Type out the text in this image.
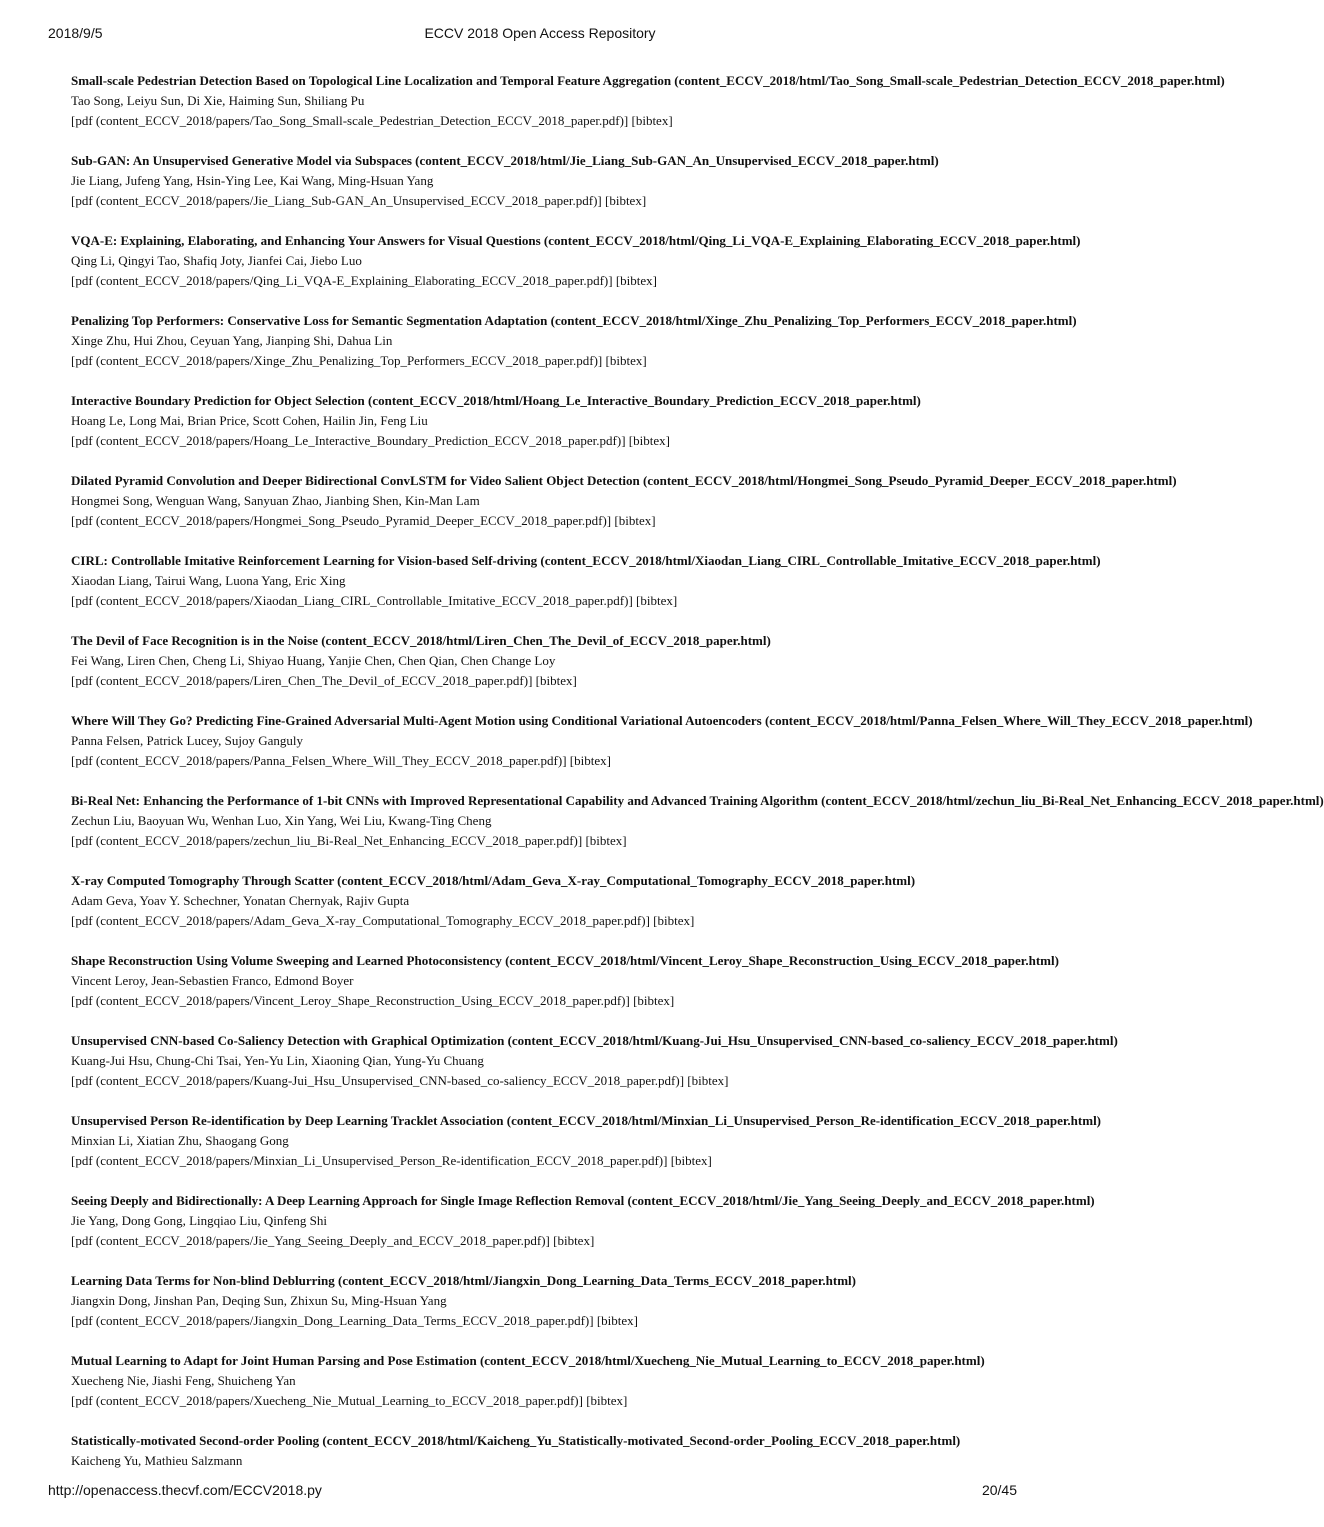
2018/9/5	ECCV 2018 Open Access Repository
Small-scale Pedestrian Detection Based on Topological Line Localization and Temporal Feature Aggregation (content_ECCV_2018/html/Tao_Song_Small-scale_Pedestrian_Detection_ECCV_2018_paper.html)
Tao Song, Leiyu Sun, Di Xie, Haiming Sun, Shiliang Pu
[pdf (content_ECCV_2018/papers/Tao_Song_Small-scale_Pedestrian_Detection_ECCV_2018_paper.pdf)] [bibtex]
Sub-GAN: An Unsupervised Generative Model via Subspaces (content_ECCV_2018/html/Jie_Liang_Sub-GAN_An_Unsupervised_ECCV_2018_paper.html)
Jie Liang, Jufeng Yang, Hsin-Ying Lee, Kai Wang, Ming-Hsuan Yang
[pdf (content_ECCV_2018/papers/Jie_Liang_Sub-GAN_An_Unsupervised_ECCV_2018_paper.pdf)] [bibtex]
VQA-E: Explaining, Elaborating, and Enhancing Your Answers for Visual Questions (content_ECCV_2018/html/Qing_Li_VQA-E_Explaining_Elaborating_ECCV_2018_paper.html)
Qing Li, Qingyi Tao, Shafiq Joty, Jianfei Cai, Jiebo Luo
[pdf (content_ECCV_2018/papers/Qing_Li_VQA-E_Explaining_Elaborating_ECCV_2018_paper.pdf)] [bibtex]
Penalizing Top Performers: Conservative Loss for Semantic Segmentation Adaptation (content_ECCV_2018/html/Xinge_Zhu_Penalizing_Top_Performers_ECCV_2018_paper.html)
Xinge Zhu, Hui Zhou, Ceyuan Yang, Jianping Shi, Dahua Lin
[pdf (content_ECCV_2018/papers/Xinge_Zhu_Penalizing_Top_Performers_ECCV_2018_paper.pdf)] [bibtex]
Interactive Boundary Prediction for Object Selection (content_ECCV_2018/html/Hoang_Le_Interactive_Boundary_Prediction_ECCV_2018_paper.html)
Hoang Le, Long Mai, Brian Price, Scott Cohen, Hailin Jin, Feng Liu
[pdf (content_ECCV_2018/papers/Hoang_Le_Interactive_Boundary_Prediction_ECCV_2018_paper.pdf)] [bibtex]
Dilated Pyramid Convolution and Deeper Bidirectional ConvLSTM for Video Salient Object Detection (content_ECCV_2018/html/Hongmei_Song_Pseudo_Pyramid_Deeper_ECCV_2018_paper.html)
Hongmei Song, Wenguan Wang, Sanyuan Zhao, Jianbing Shen, Kin-Man Lam
[pdf (content_ECCV_2018/papers/Hongmei_Song_Pseudo_Pyramid_Deeper_ECCV_2018_paper.pdf)] [bibtex]
CIRL: Controllable Imitative Reinforcement Learning for Vision-based Self-driving (content_ECCV_2018/html/Xiaodan_Liang_CIRL_Controllable_Imitative_ECCV_2018_paper.html)
Xiaodan Liang, Tairui Wang, Luona Yang, Eric Xing
[pdf (content_ECCV_2018/papers/Xiaodan_Liang_CIRL_Controllable_Imitative_ECCV_2018_paper.pdf)] [bibtex]
The Devil of Face Recognition is in the Noise (content_ECCV_2018/html/Liren_Chen_The_Devil_of_ECCV_2018_paper.html)
Fei Wang, Liren Chen, Cheng Li, Shiyao Huang, Yanjie Chen, Chen Qian, Chen Change Loy
[pdf (content_ECCV_2018/papers/Liren_Chen_The_Devil_of_ECCV_2018_paper.pdf)] [bibtex]
Where Will They Go? Predicting Fine-Grained Adversarial Multi-Agent Motion using Conditional Variational Autoencoders (content_ECCV_2018/html/Panna_Felsen_Where_Will_They_ECCV_2018_paper.html)
Panna Felsen, Patrick Lucey, Sujoy Ganguly
[pdf (content_ECCV_2018/papers/Panna_Felsen_Where_Will_They_ECCV_2018_paper.pdf)] [bibtex]
Bi-Real Net: Enhancing the Performance of 1-bit CNNs with Improved Representational Capability and Advanced Training Algorithm (content_ECCV_2018/html/zechun_liu_Bi-Real_Net_Enhancing_ECCV_2018_paper.html)
Zechun Liu, Baoyuan Wu, Wenhan Luo, Xin Yang, Wei Liu, Kwang-Ting Cheng
[pdf (content_ECCV_2018/papers/zechun_liu_Bi-Real_Net_Enhancing_ECCV_2018_paper.pdf)] [bibtex]
X-ray Computed Tomography Through Scatter (content_ECCV_2018/html/Adam_Geva_X-ray_Computational_Tomography_ECCV_2018_paper.html)
Adam Geva, Yoav Y. Schechner, Yonatan Chernyak, Rajiv Gupta
[pdf (content_ECCV_2018/papers/Adam_Geva_X-ray_Computational_Tomography_ECCV_2018_paper.pdf)] [bibtex]
Shape Reconstruction Using Volume Sweeping and Learned Photoconsistency (content_ECCV_2018/html/Vincent_Leroy_Shape_Reconstruction_Using_ECCV_2018_paper.html)
Vincent Leroy, Jean-Sebastien Franco, Edmond Boyer
[pdf (content_ECCV_2018/papers/Vincent_Leroy_Shape_Reconstruction_Using_ECCV_2018_paper.pdf)] [bibtex]
Unsupervised CNN-based Co-Saliency Detection with Graphical Optimization (content_ECCV_2018/html/Kuang-Jui_Hsu_Unsupervised_CNN-based_co-saliency_ECCV_2018_paper.html)
Kuang-Jui Hsu, Chung-Chi Tsai, Yen-Yu Lin, Xiaoning Qian, Yung-Yu Chuang
[pdf (content_ECCV_2018/papers/Kuang-Jui_Hsu_Unsupervised_CNN-based_co-saliency_ECCV_2018_paper.pdf)] [bibtex]
Unsupervised Person Re-identification by Deep Learning Tracklet Association (content_ECCV_2018/html/Minxian_Li_Unsupervised_Person_Re-identification_ECCV_2018_paper.html)
Minxian Li, Xiatian Zhu, Shaogang Gong
[pdf (content_ECCV_2018/papers/Minxian_Li_Unsupervised_Person_Re-identification_ECCV_2018_paper.pdf)] [bibtex]
Seeing Deeply and Bidirectionally: A Deep Learning Approach for Single Image Reflection Removal (content_ECCV_2018/html/Jie_Yang_Seeing_Deeply_and_ECCV_2018_paper.html)
Jie Yang, Dong Gong, Lingqiao Liu, Qinfeng Shi
[pdf (content_ECCV_2018/papers/Jie_Yang_Seeing_Deeply_and_ECCV_2018_paper.pdf)] [bibtex]
Learning Data Terms for Non-blind Deblurring (content_ECCV_2018/html/Jiangxin_Dong_Learning_Data_Terms_ECCV_2018_paper.html)
Jiangxin Dong, Jinshan Pan, Deqing Sun, Zhixun Su, Ming-Hsuan Yang
[pdf (content_ECCV_2018/papers/Jiangxin_Dong_Learning_Data_Terms_ECCV_2018_paper.pdf)] [bibtex]
Mutual Learning to Adapt for Joint Human Parsing and Pose Estimation (content_ECCV_2018/html/Xuecheng_Nie_Mutual_Learning_to_ECCV_2018_paper.html)
Xuecheng Nie, Jiashi Feng, Shuicheng Yan
[pdf (content_ECCV_2018/papers/Xuecheng_Nie_Mutual_Learning_to_ECCV_2018_paper.pdf)] [bibtex]
Statistically-motivated Second-order Pooling (content_ECCV_2018/html/Kaicheng_Yu_Statistically-motivated_Second-order_Pooling_ECCV_2018_paper.html)
Kaicheng Yu, Mathieu Salzmann
http://openaccess.thecvf.com/ECCV2018.py	20/45
